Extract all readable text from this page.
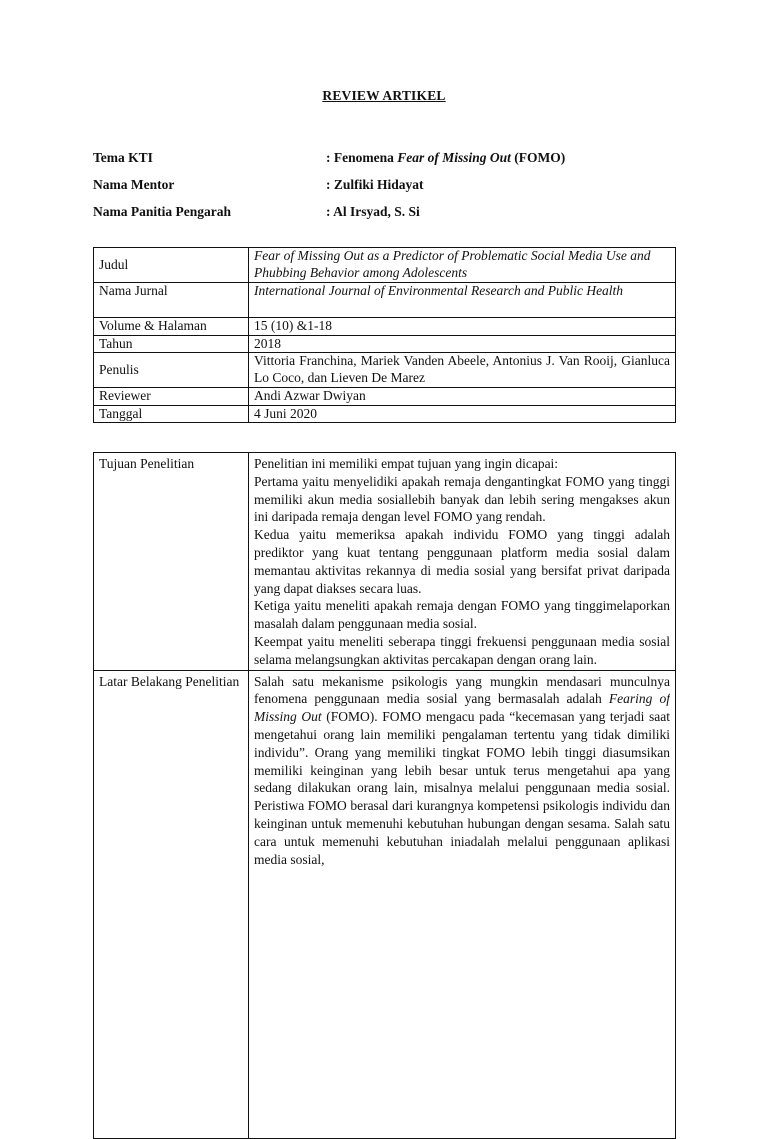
REVIEW ARTIKEL
Tema KTI	: Fenomena Fear of Missing Out (FOMO)
Nama Mentor	: Zulfiki Hidayat
Nama Panitia Pengarah	: Al Irsyad, S. Si
Judul	Fear of Missing Out as a Predictor of Problematic Social Media Use and Phubbing Behavior among Adolescents
Nama Jurnal	International Journal of Environmental Research and Public Health
Volume & Halaman	15 (10) &1-18
Tahun	2018
Penulis	Vittoria Franchina, Mariek Vanden Abeele, Antonius J. Van Rooij, Gianluca Lo Coco, dan Lieven De Marez
Reviewer	Andi Azwar Dwiyan
Tanggal	4 Juni 2020
Tujuan Penelitian	Penelitian ini memiliki empat tujuan yang ingin dicapai:

Pertama yaitu menyelidiki apakah remaja dengantingkat FOMO yang tinggi memiliki akun media sosiallebih banyak dan lebih sering mengakses akun ini daripada remaja dengan level FOMO yang rendah.

Kedua yaitu memeriksa apakah individu FOMO yang tinggi adalah prediktor yang kuat tentang penggunaan platform media sosial dalam memantau aktivitas rekannya di media sosial yang bersifat privat daripada yang dapat diakses secara luas.

Ketiga yaitu meneliti apakah remaja dengan FOMO yang tinggimelaporkan masalah dalam penggunaan media sosial.

Keempat yaitu meneliti seberapa tinggi frekuensi penggunaan media sosial selama melangsungkan aktivitas percakapan dengan orang lain.

Latar Belakang Penelitian	Salah satu mekanisme psikologis yang mungkin mendasari munculnya fenomena penggunaan media sosial yang bermasalah adalah Fearing of Missing Out (FOMO). FOMO mengacu pada “kecemasan yang terjadi saat mengetahui orang lain memiliki pengalaman tertentu yang tidak dimiliki individu”. Orang yang memiliki tingkat FOMO lebih tinggi diasumsikan memiliki keinginan yang lebih besar untuk terus mengetahui apa yang sedang dilakukan orang lain, misalnya melalui penggunaan media sosial. Peristiwa FOMO berasal dari kurangnya kompetensi psikologis individu dan keinginan untuk memenuhi kebutuhan hubungan dengan sesama. Salah satu cara untuk memenuhi kebutuhan iniadalah melalui penggunaan aplikasi media sosial,
